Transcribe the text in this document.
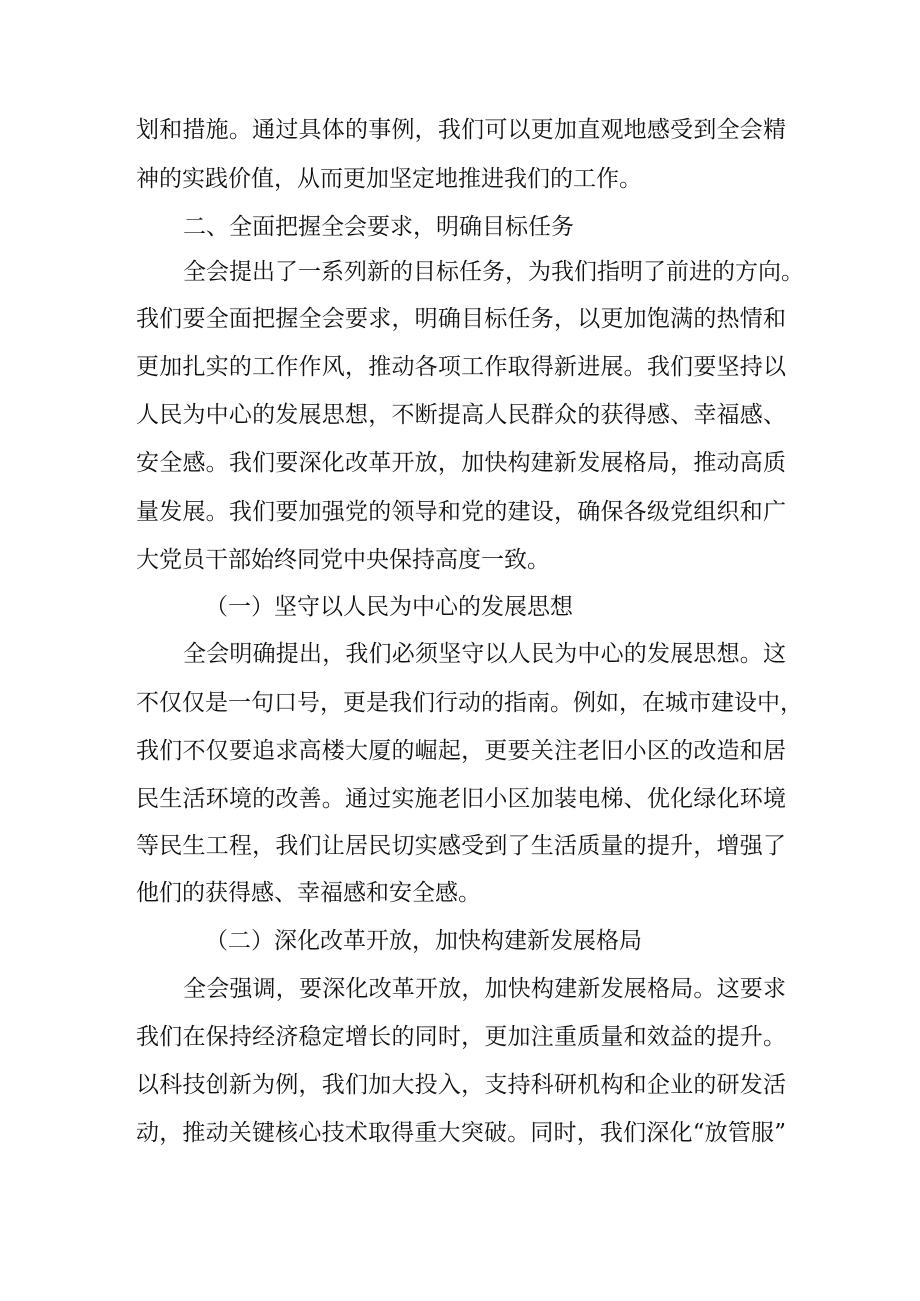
划和措施。通过具体的事例，我们可以更加直观地感受到全会精
神的实践价值，从而更加坚定地推进我们的工作。
二、全面把握全会要求，明确目标任务
全会提出了一系列新的目标任务，为我们指明了前进的方向。
我们要全面把握全会要求，明确目标任务，以更加饱满的热情和
更加扎实的工作作风，推动各项工作取得新进展。我们要坚持以
人民为中心的发展思想，不断提高人民群众的获得感、幸福感、
安全感。我们要深化改革开放，加快构建新发展格局，推动高质
量发展。我们要加强党的领导和党的建设，确保各级党组织和广
大党员干部始终同党中央保持高度一致。
（一）坚守以人民为中心的发展思想
全会明确提出，我们必须坚守以人民为中心的发展思想。这
不仅仅是一句口号，更是我们行动的指南。例如，在城市建设中，
我们不仅要追求高楼大厦的崛起，更要关注老旧小区的改造和居
民生活环境的改善。通过实施老旧小区加装电梯、优化绿化环境
等民生工程，我们让居民切实感受到了生活质量的提升，增强了
他们的获得感、幸福感和安全感。
（二）深化改革开放，加快构建新发展格局
全会强调，要深化改革开放，加快构建新发展格局。这要求
我们在保持经济稳定增长的同时，更加注重质量和效益的提升。
以科技创新为例，我们加大投入，支持科研机构和企业的研发活
动，推动关键核心技术取得重大突破。同时，我们深化“放管服”
